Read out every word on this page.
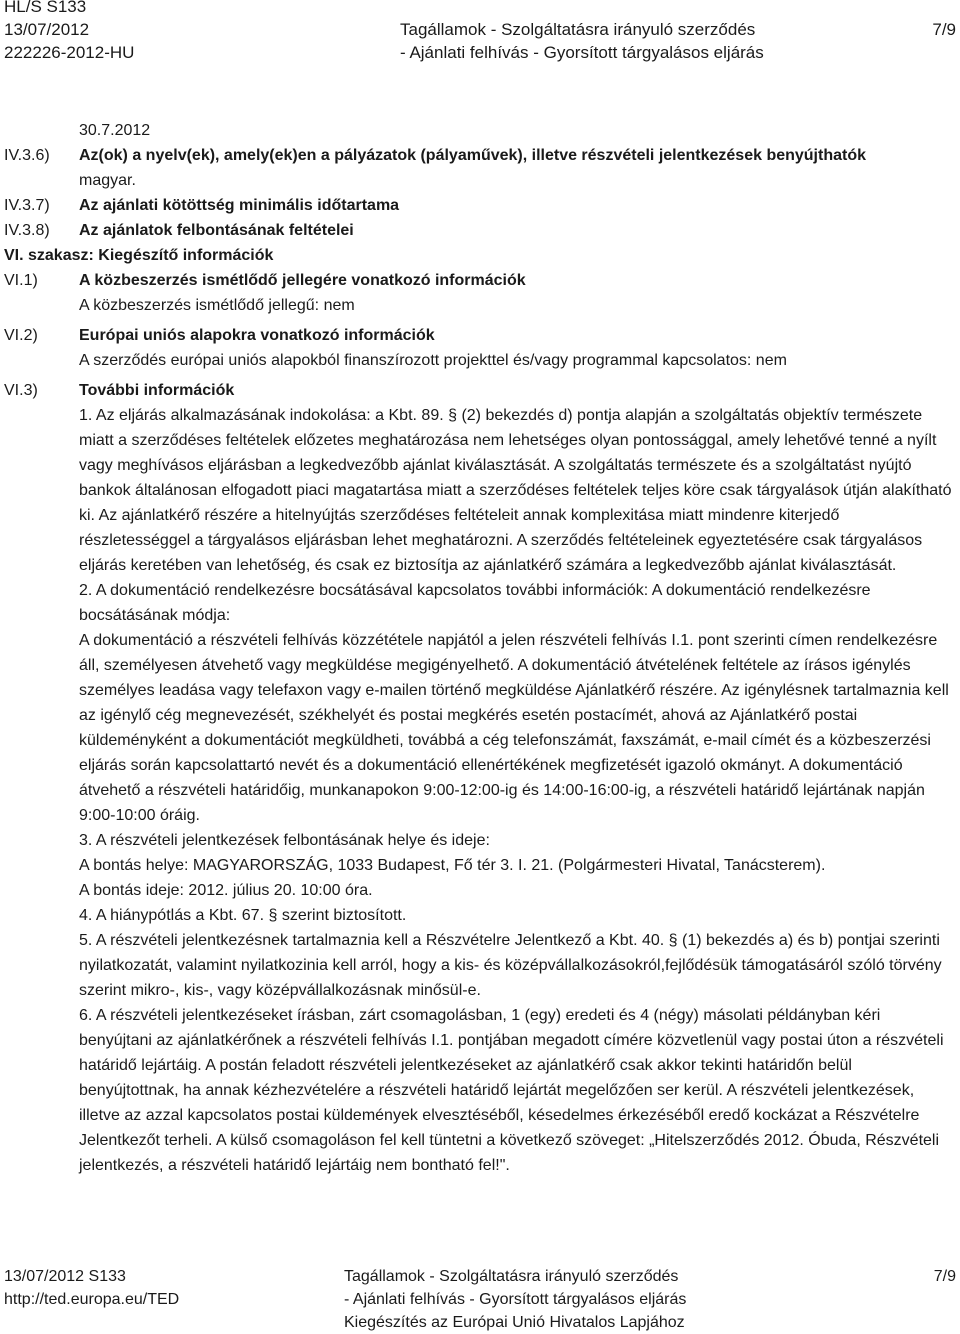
HL/S S133
13/07/2012
222226-2012-HU
Tagállamok - Szolgáltatásra irányuló szerződés
- Ajánlati felhívás - Gyorsított tárgyalásos eljárás
7/9
30.7.2012
IV.3.6)	Az(ok) a nyelv(ek), amely(ek)en a pályázatok (pályaművek), illetve részvételi jelentkezések benyújthatók
magyar.
IV.3.7)	Az ajánlati kötöttség minimális időtartama
IV.3.8)	Az ajánlatok felbontásának feltételei
VI. szakasz: Kiegészítő információk
VI.1)	A közbeszerzés ismétlődő jellegére vonatkozó információk
A közbeszerzés ismétlődő jellegű: nem
VI.2)	Európai uniós alapokra vonatkozó információk
A szerződés európai uniós alapokból finanszírozott projekttel és/vagy programmal kapcsolatos: nem
VI.3)	További információk
1. Az eljárás alkalmazásának indokolása: a Kbt. 89. § (2) bekezdés d) pontja alapján a szolgáltatás objektív természete miatt a szerződéses feltételek előzetes meghatározása nem lehetséges olyan pontossággal, amely lehetővé tenné a nyílt vagy meghívásos eljárásban a legkedvezőbb ajánlat kiválasztását. A szolgáltatás természete és a szolgáltatást nyújtó bankok általánosan elfogadott piaci magatartása miatt a szerződéses feltételek teljes köre csak tárgyalások útján alakítható ki. Az ajánlatkérő részére a hitelnyújtás szerződéses feltételeit annak komplexitása miatt mindenre kiterjedő részletességgel a tárgyalásos eljárásban lehet meghatározni. A szerződés feltételeinek egyeztetésére csak tárgyalásos eljárás keretében van lehetőség, és csak ez biztosítja az ajánlatkérő számára a legkedvezőbb ajánlat kiválasztását.
2. A dokumentáció rendelkezésre bocsátásával kapcsolatos további információk: A dokumentáció rendelkezésre bocsátásának módja:
A dokumentáció a részvételi felhívás közzététele napjától a jelen részvételi felhívás I.1. pont szerinti címen rendelkezésre áll, személyesen átvehető vagy megküldése megigényelhető. A dokumentáció átvételének feltétele az írásos igénylés személyes leadása vagy telefaxon vagy e-mailen történő megküldése Ajánlatkérő részére. Az igénylésnek tartalmaznia kell az igénylő cég megnevezését, székhelyét és postai megkérés esetén postacímét, ahová az Ajánlatkérő postai küldeményként a dokumentációt megküldheti, továbbá a cég telefonszámát, faxszámát, e-mail címét és a közbeszerzési eljárás során kapcsolattartó nevét és a dokumentáció ellenértékének megfizetését igazoló okmányt. A dokumentáció átvehető a részvételi határidőig, munkanapokon 9:00-12:00-ig és 14:00-16:00-ig, a részvételi határidő lejártának napján 9:00-10:00 óráig.
3. A részvételi jelentkezések felbontásának helye és ideje:
A bontás helye: MAGYARORSZÁG, 1033 Budapest, Fő tér 3. I. 21. (Polgármesteri Hivatal, Tanácsterem).
A bontás ideje: 2012. július 20. 10:00 óra.
4. A hiánypótlás a Kbt. 67. § szerint biztosított.
5. A részvételi jelentkezésnek tartalmaznia kell a Részvételre Jelentkező a Kbt. 40. § (1) bekezdés a) és b) pontjai szerinti nyilatkozatát, valamint nyilatkozinia kell arról, hogy a kis- és középvállalkozásokról,fejlődésük támogatásáról szóló törvény szerint mikro-, kis-, vagy középvállalkozásnak minősül-e.
6. A részvételi jelentkezéseket írásban, zárt csomagolásban, 1 (egy) eredeti és 4 (négy) másolati példányban kéri benyújtani az ajánlatkérőnek a részvételi felhívás I.1. pontjában megadott címére közvetlenül vagy postai úton a részvételi határidő lejártáig. A postán feladott részvételi jelentkezéseket az ajánlatkérő csak akkor tekinti határidőn belül benyújtottnak, ha annak kézhezvételére a részvételi határidő lejártát megelőzően ser kerül. A részvételi jelentkezések, illetve az azzal kapcsolatos postai küldemények elvesztéséből, késedelmes érkezéséből eredő kockázat a Részvételre Jelentkezőt terheli. A külső csomagoláson fel kell tüntetni a következő szöveget: „Hitelszerződés 2012. Óbuda, Részvételi jelentkezés, a részvételi határidő lejártáig nem bontható fel!".
13/07/2012 S133
http://ted.europa.eu/TED
Tagállamok - Szolgáltatásra irányuló szerződés
- Ajánlati felhívás - Gyorsított tárgyalásos eljárás
Kiegészítés az Európai Unió Hivatalos Lapjához
7/9
